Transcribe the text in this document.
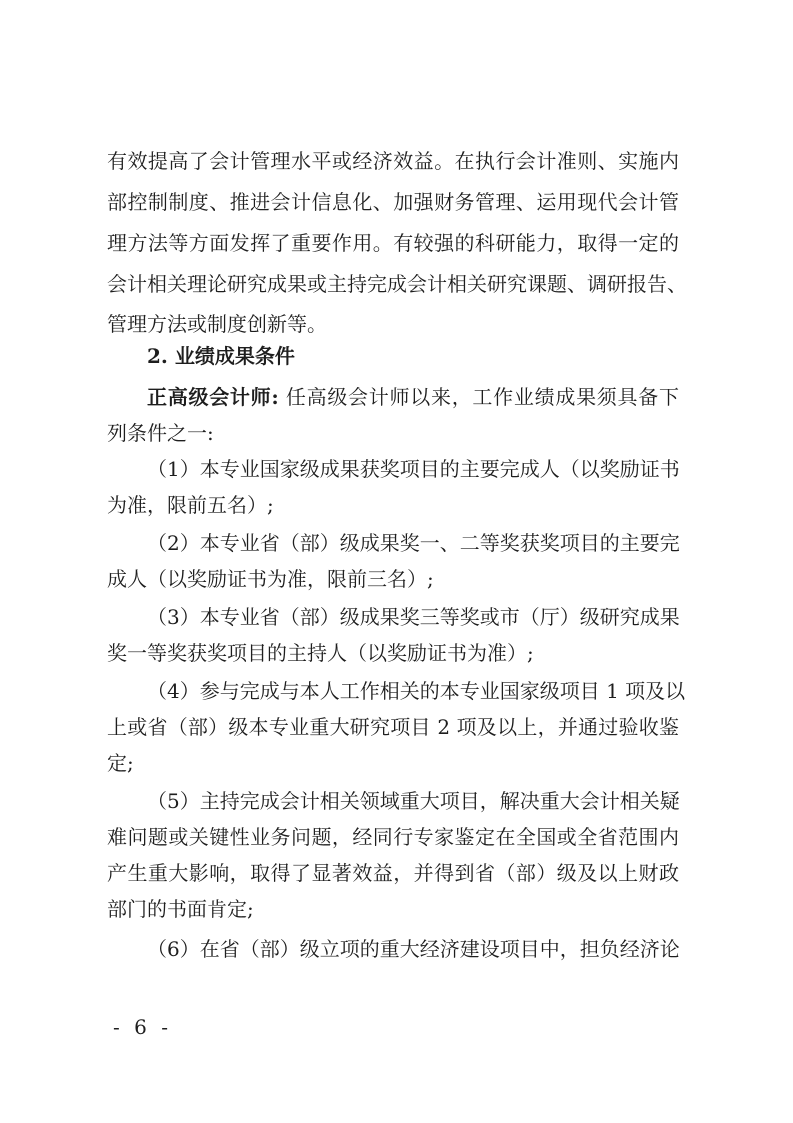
有效提高了会计管理水平或经济效益。在执行会计准则、实施内
部控制制度、推进会计信息化、加强财务管理、运用现代会计管
理方法等方面发挥了重要作用。有较强的科研能力，取得一定的
会计相关理论研究成果或主持完成会计相关研究课题、调研报告、
管理方法或制度创新等。
2. 业绩成果条件
正高级会计师: 任高级会计师以来，工作业绩成果须具备下
列条件之一:
（1）本专业国家级成果获奖项目的主要完成人（以奖励证书
为准，限前五名）;
（2）本专业省（部）级成果奖一、二等奖获奖项目的主要完
成人（以奖励证书为准，限前三名）;
（3）本专业省（部）级成果奖三等奖或市（厅）级研究成果
奖一等奖获奖项目的主持人（以奖励证书为准）;
（4）参与完成与本人工作相关的本专业国家级项目 1 项及以
上或省（部）级本专业重大研究项目 2 项及以上，并通过验收鉴
定;
（5）主持完成会计相关领域重大项目，解决重大会计相关疑
难问题或关键性业务问题，经同行专家鉴定在全国或全省范围内
产生重大影响，取得了显著效益，并得到省（部）级及以上财政
部门的书面肯定;
（6）在省（部）级立项的重大经济建设项目中，担负经济论
- 6 -
